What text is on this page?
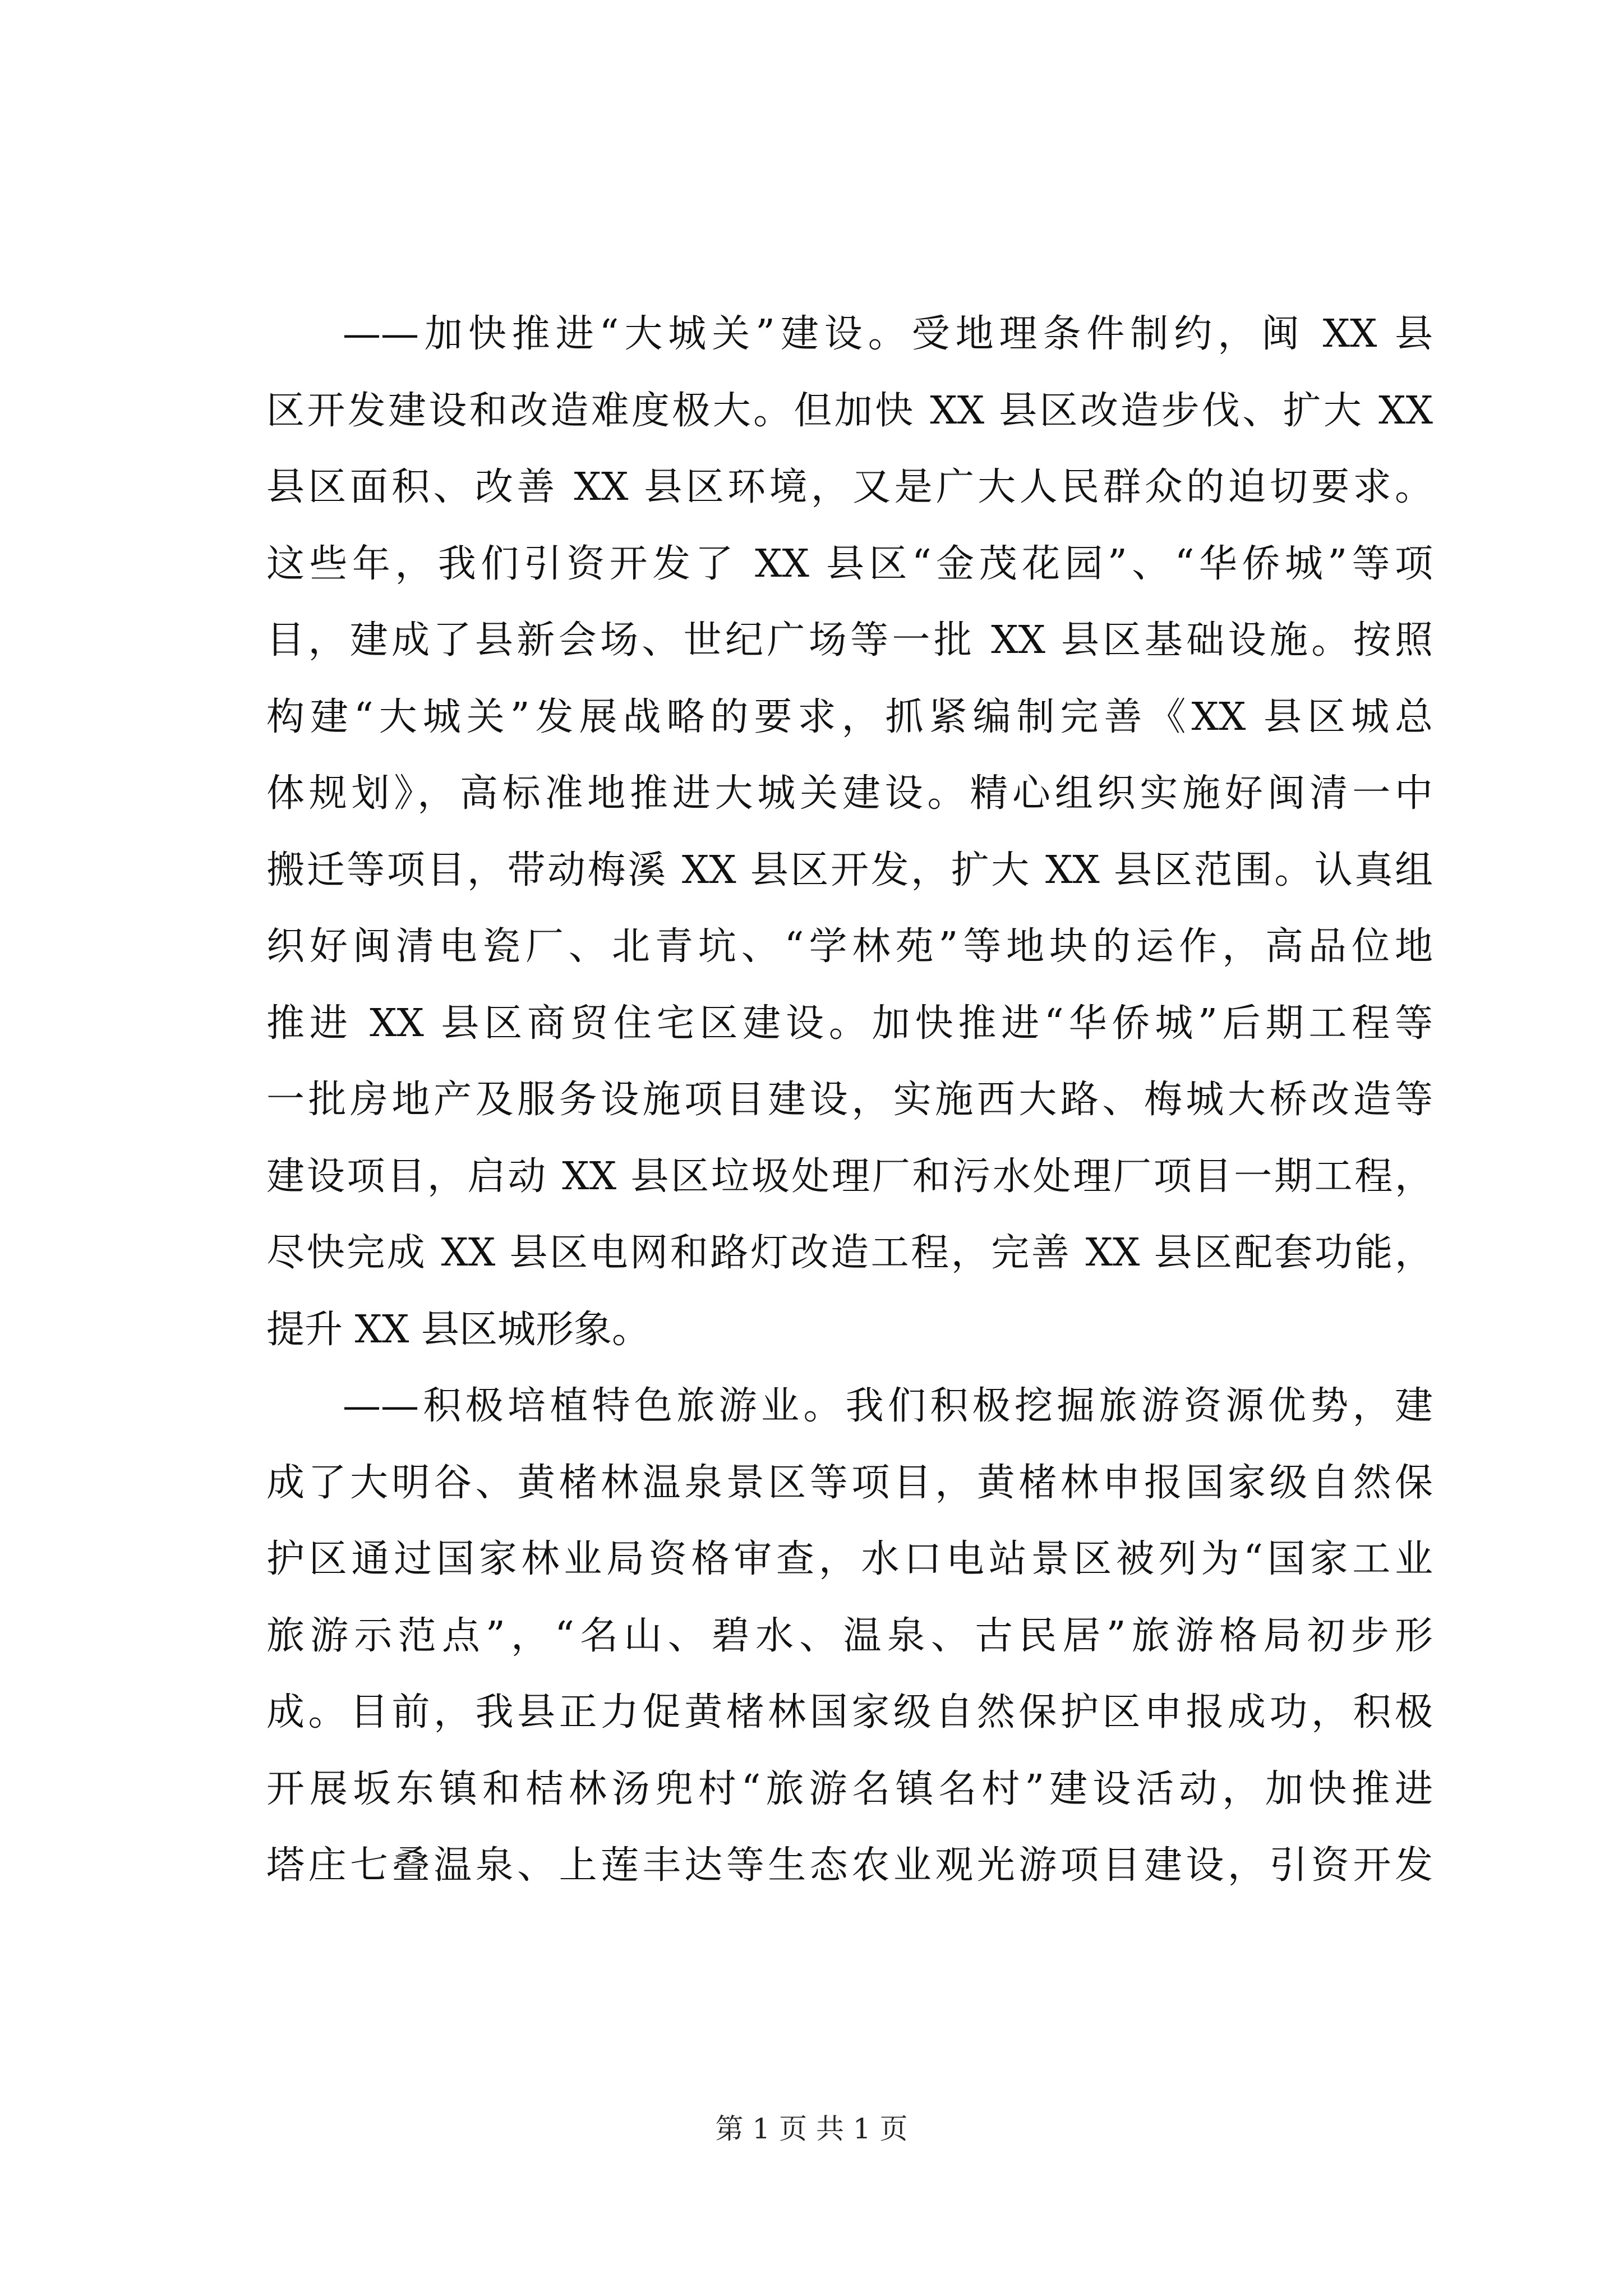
——加快推进“大城关”建设。受地理条件制约，闽 XX 县
区开发建设和改造难度极大。但加快 XX 县区改造步伐、扩大 XX
县区面积、改善 XX 县区环境，又是广大人民群众的迫切要求。
这些年，我们引资开发了 XX 县区“金茂花园”、“华侨城”等项
目，建成了县新会场、世纪广场等一批 XX 县区基础设施。按照
构建“大城关”发展战略的要求，抓紧编制完善《XX 县区城总
体规划》，高标准地推进大城关建设。精心组织实施好闽清一中
搬迁等项目，带动梅溪 XX 县区开发，扩大 XX 县区范围。认真组
织好闽清电瓷厂、北青坑、“学林苑”等地块的运作，高品位地
推进 XX 县区商贸住宅区建设。加快推进“华侨城”后期工程等
一批房地产及服务设施项目建设，实施西大路、梅城大桥改造等
建设项目，启动 XX 县区垃圾处理厂和污水处理厂项目一期工程，
尽快完成 XX 县区电网和路灯改造工程，完善 XX 县区配套功能，
提升 XX 县区城形象。
——积极培植特色旅游业。我们积极挖掘旅游资源优势，建
成了大明谷、黄楮林温泉景区等项目，黄楮林申报国家级自然保
护区通过国家林业局资格审查，水口电站景区被列为“国家工业
旅游示范点”，“名山、碧水、温泉、古民居”旅游格局初步形
成。目前，我县正力促黄楮林国家级自然保护区申报成功，积极
开展坂东镇和桔林汤兜村“旅游名镇名村”建设活动，加快推进
塔庄七叠温泉、上莲丰达等生态农业观光游项目建设，引资开发
第 1 页 共 1 页
